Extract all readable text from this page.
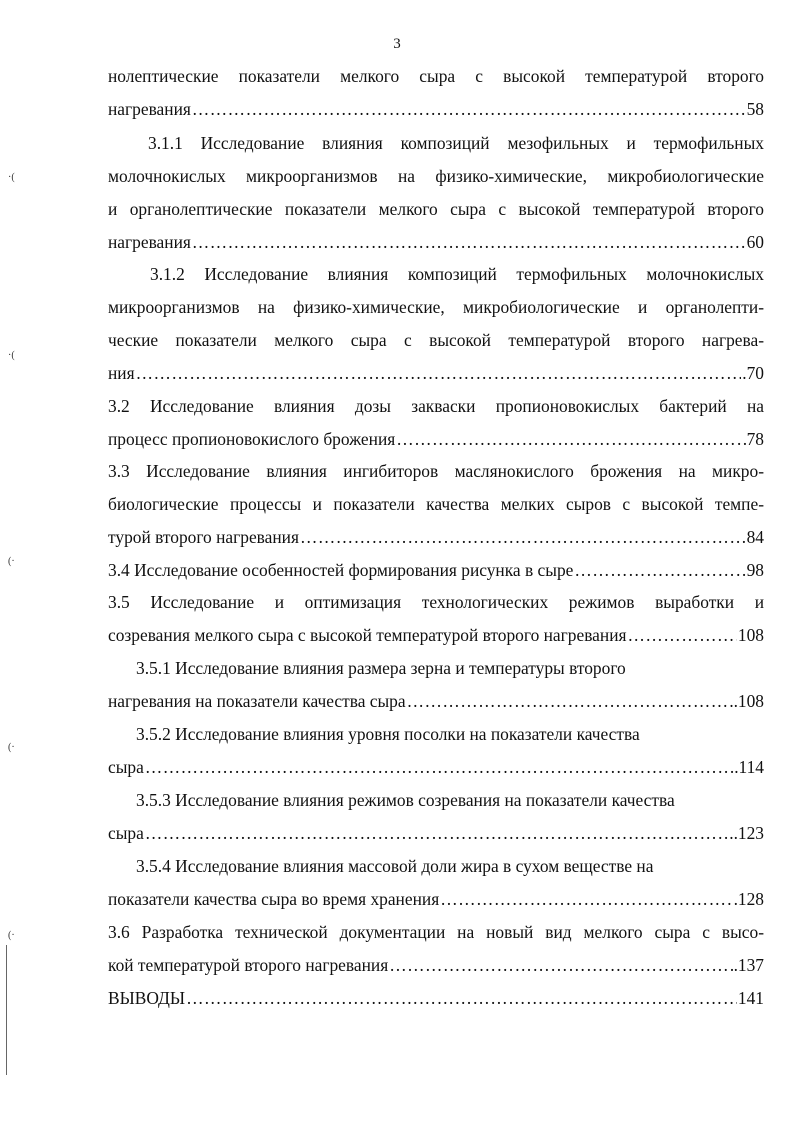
3
·(
·(
(·
(·
(·
нолептические показатели мелкого сыра с высокой температурой второго
нагревания ……………………………………………………………………………………………………………………………………………………………………………………	58
3.1.1 Исследование влияния композиций мезофильных и термофильных
молочнокислых микроорганизмов на физико-химические, микробиологические
и органолептические показатели мелкого сыра с высокой температурой второго
нагревания ……………………………………………………………………………………………………………………………………………………………………………………	60
3.1.2 Исследование влияния композиций термофильных молочнокислых
микроорганизмов на физико-химические, микробиологические и органолепти-
ческие показатели мелкого сыра с высокой температурой второго нагрева-
ния ……………………………………………………………………………………………………………………………………………………………………………………	.70
3.2 Исследование влияния дозы закваски пропионовокислых бактерий на
процесс пропионовокислого брожения ……………………………………………………………………………………………………………………………………………………………………………………	78
3.3 Исследование влияния ингибиторов маслянокислого брожения на микро-
биологические процессы и показатели качества мелких сыров с высокой темпе-
турой второго нагревания ……………………………………………………………………………………………………………………………………………………………………………………	84
3.4 Исследование особенностей формирования рисунка в сыре ……………………………………………………………………………………………………………………………………………………………………………………	98
3.5 Исследование и оптимизация технологических режимов выработки и
созревания мелкого сыра с высокой температурой второго нагревания ……………………………………………………………………………………………………………………………………………………………………………………	108
3.5.1 Исследование влияния размера зерна и температуры второго
нагревания на показатели качества сыра ……………………………………………………………………………………………………………………………………………………………………………………	.108
3.5.2 Исследование влияния уровня посолки на показатели качества
сыра ……………………………………………………………………………………………………………………………………………………………………………………	..114
3.5.3 Исследование влияния режимов созревания на показатели качества
сыра ……………………………………………………………………………………………………………………………………………………………………………………	..123
3.5.4 Исследование влияния массовой доли жира в сухом веществе на
показатели качества сыра во время хранения ……………………………………………………………………………………………………………………………………………………………………………………	.128
3.6 Разработка технической документации на новый вид мелкого сыра с высо-
кой температурой второго нагревания ……………………………………………………………………………………………………………………………………………………………………………………	.137
ВЫВОДЫ ……………………………………………………………………………………………………………………………………………………………………………………	141
